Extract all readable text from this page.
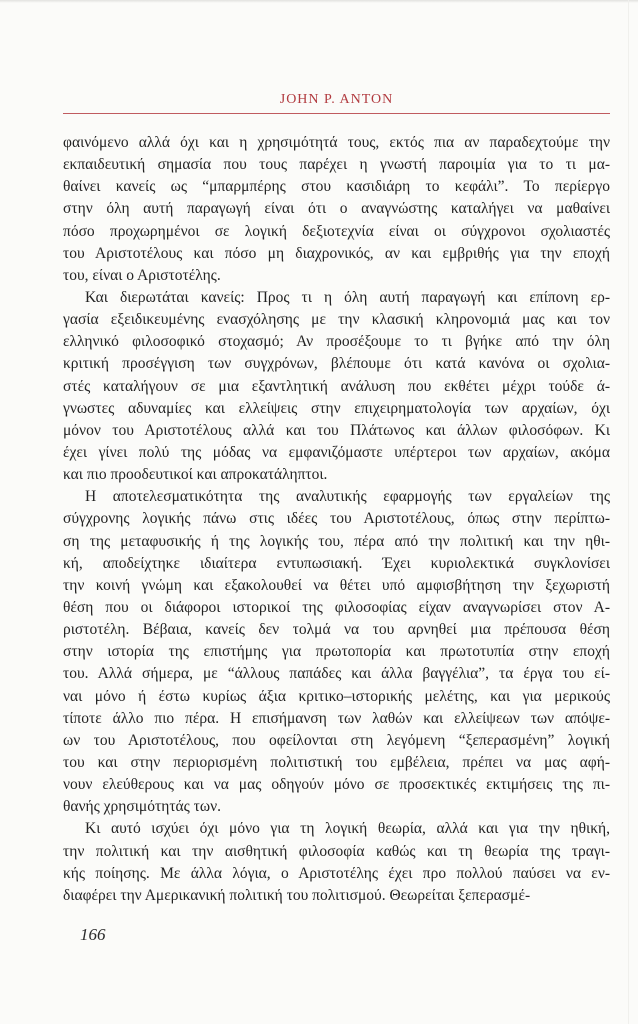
JOHN P. ANTON
φαινόμενο αλλά όχι και η χρησιμότητά τους, εκτός πια αν παραδεχτούμε την
εκπαιδευτική σημασία που τους παρέχει η γνωστή παροιμία για το τι μα-
θαίνει κανείς ως “μπαρμπέρης στου κασιδιάρη το κεφάλι”. Το περίεργο
στην όλη αυτή παραγωγή είναι ότι ο αναγνώστης καταλήγει να μαθαίνει
πόσο προχωρημένοι σε λογική δεξιοτεχνία είναι οι σύγχρονοι σχολιαστές
του Αριστοτέλους και πόσο μη διαχρονικός, αν και εμβριθής για την εποχή
του, είναι ο Αριστοτέλης.
Και διερωτάται κανείς: Προς τι η όλη αυτή παραγωγή και επίπονη ερ-
γασία εξειδικευμένης ενασχόλησης με την κλασική κληρονομιά μας και τον
ελληνικό φιλοσοφικό στοχασμό; Αν προσέξουμε το τι βγήκε από την όλη
κριτική προσέγγιση των συγχρόνων, βλέπουμε ότι κατά κανόνα οι σχολια-
στές καταλήγουν σε μια εξαντλητική ανάλυση που εκθέτει μέχρι τούδε ά-
γνωστες αδυναμίες και ελλείψεις στην επιχειρηματολογία των αρχαίων, όχι
μόνον του Αριστοτέλους αλλά και του Πλάτωνος και άλλων φιλοσόφων. Κι
έχει γίνει πολύ της μόδας να εμφανιζόμαστε υπέρτεροι των αρχαίων, ακόμα
και πιο προοδευτικοί και απροκατάληπτοι.
Η αποτελεσματικότητα της αναλυτικής εφαρμογής των εργαλείων της
σύγχρονης λογικής πάνω στις ιδέες του Αριστοτέλους, όπως στην περίπτω-
ση της μεταφυσικής ή της λογικής του, πέρα από την πολιτική και την ηθι-
κή, αποδείχτηκε ιδιαίτερα εντυπωσιακή. Έχει κυριολεκτικά συγκλονίσει
την κοινή γνώμη και εξακολουθεί να θέτει υπό αμφισβήτηση την ξεχωριστή
θέση που οι διάφοροι ιστορικοί της φιλοσοφίας είχαν αναγνωρίσει στον Α-
ριστοτέλη. Βέβαια, κανείς δεν τολμά να του αρνηθεί μια πρέπουσα θέση
στην ιστορία της επιστήμης για πρωτοπορία και πρωτοτυπία στην εποχή
του. Αλλά σήμερα, με “άλλους παπάδες και άλλα βαγγέλια”, τα έργα του εί-
ναι μόνο ή έστω κυρίως άξια κριτικο–ιστορικής μελέτης, και για μερικούς
τίποτε άλλο πιο πέρα. Η επισήμανση των λαθών και ελλείψεων των απόψε-
ων του Αριστοτέλους, που οφείλονται στη λεγόμενη “ξεπερασμένη” λογική
του και στην περιορισμένη πολιτιστική του εμβέλεια, πρέπει να μας αφή-
νουν ελεύθερους και να μας οδηγούν μόνο σε προσεκτικές εκτιμήσεις της πι-
θανής χρησιμότητάς των.
Κι αυτό ισχύει όχι μόνο για τη λογική θεωρία, αλλά και για την ηθική,
την πολιτική και την αισθητική φιλοσοφία καθώς και τη θεωρία της τραγι-
κής ποίησης. Με άλλα λόγια, ο Αριστοτέλης έχει προ πολλού παύσει να εν-
διαφέρει την Αμερικανική πολιτική του πολιτισμού. Θεωρείται ξεπερασμέ-
166
